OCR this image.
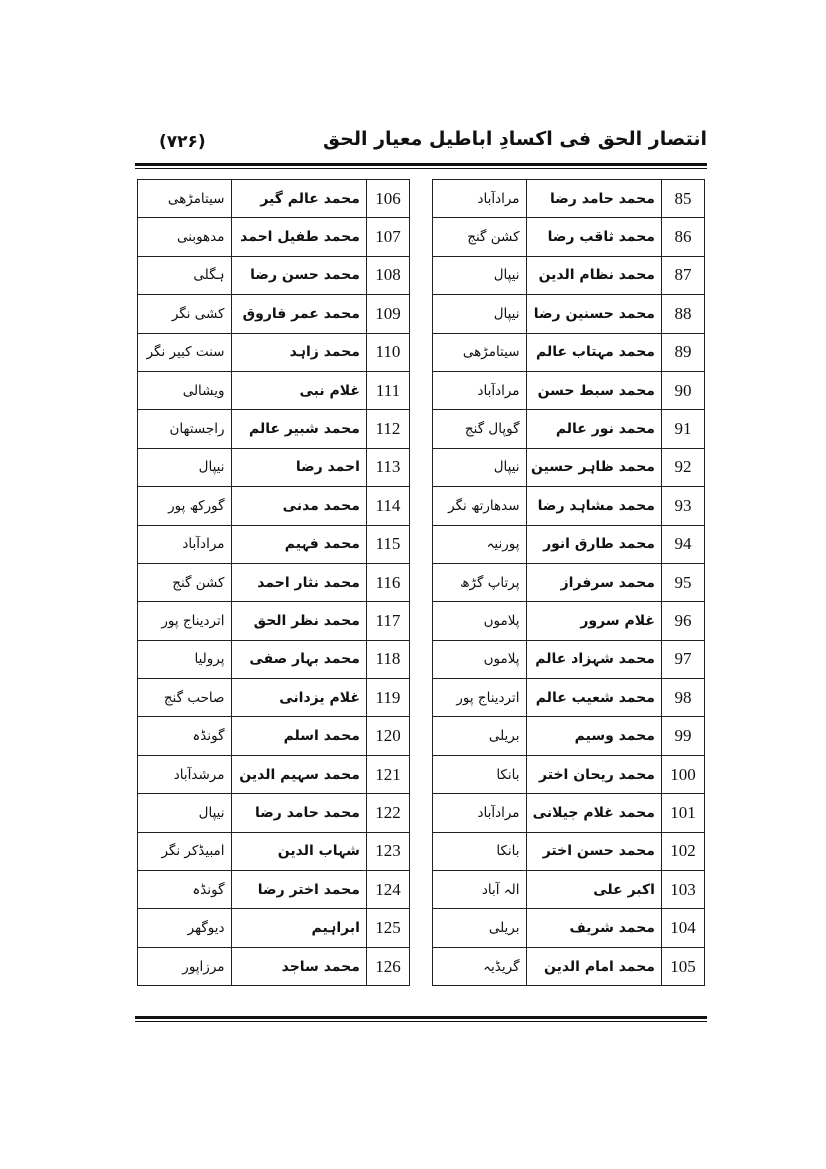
(۷۲۶)	انتصار الحق فی اکسادِ اباطیل معیار الحق
85	محمد حامد رضا	مرادآباد		106	محمد عالم گیر	سیتامڑھی
86	محمد ثاقب رضا	کشن گنج		107	محمد طفیل احمد	مدھوبنی
87	محمد نظام الدین	نیپال		108	محمد حسن رضا	ہگلی
88	محمد حسنین رضا	نیپال		109	محمد عمر فاروق	کشی نگر
89	محمد مہتاب عالم	سیتامڑھی		110	محمد زاہد	سنت کبیر نگر
90	محمد سبط حسن	مرادآباد		111	غلام نبی	ویشالی
91	محمد نور عالم	گوپال گنج		112	محمد شبیر عالم	راجستھان
92	محمد ظاہر حسین	نیپال		113	احمد رضا	نیپال
93	محمد مشاہد رضا	سدھارتھ نگر		114	محمد مدنی	گورکھ پور
94	محمد طارق انور	پورنیہ		115	محمد فہیم	مرادآباد
95	محمد سرفراز	پرتاپ گڑھ		116	محمد نثار احمد	کشن گنج
96	غلام سرور	پلاموں		117	محمد نظر الحق	اتردیناج پور
97	محمد شہزاد عالم	پلاموں		118	محمد بہار صفی	پرولیا
98	محمد شعیب عالم	اتردیناج پور		119	غلام یزدانی	صاحب گنج
99	محمد وسیم	بریلی		120	محمد اسلم	گونڈہ
100	محمد ریحان اختر	بانکا		121	محمد سہیم الدین	مرشدآباد
101	محمد غلام جیلانی	مرادآباد		122	محمد حامد رضا	نیپال
102	محمد حسن اختر	بانکا		123	شہاب الدین	امبیڈکر نگر
103	اکبر علی	الہ آباد		124	محمد اختر رضا	گونڈہ
104	محمد شریف	بریلی		125	ابراہیم	دیوگھر
105	محمد امام الدین	گریڈیہ		126	محمد ساجد	مرزاپور
